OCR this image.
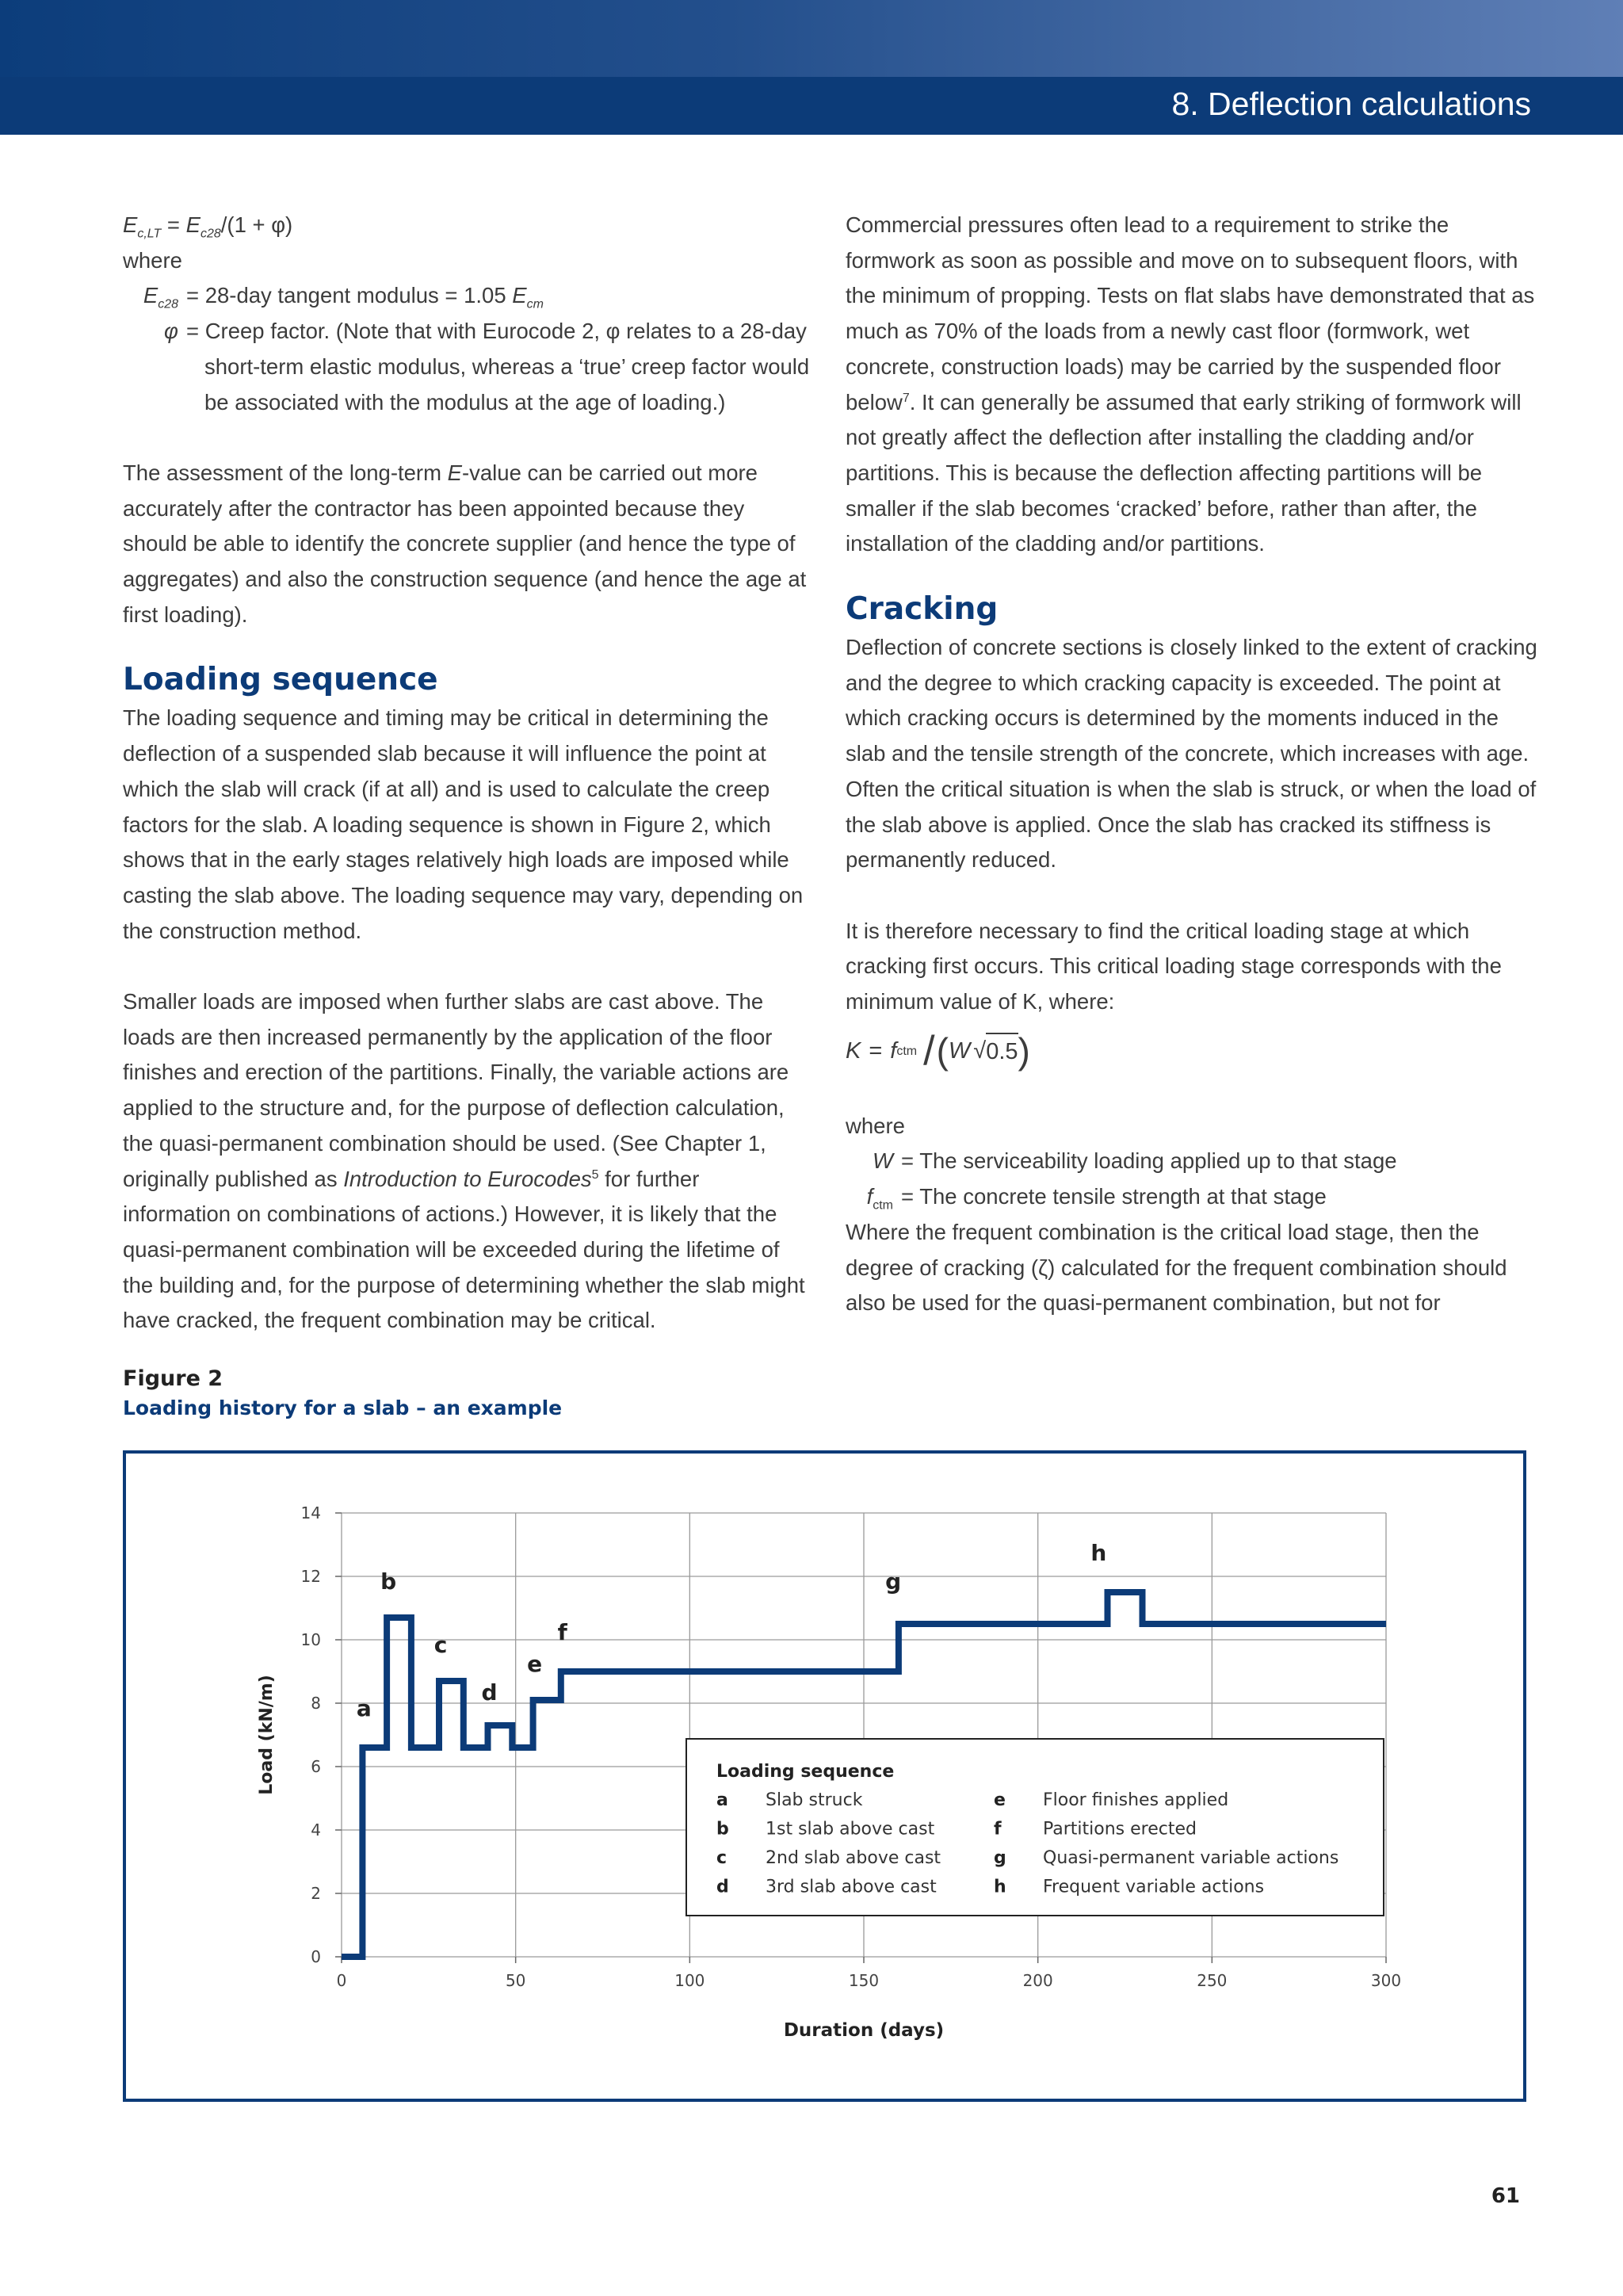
8. Deflection calculations

$E_{c,LT} = E_{c28}/(1 + \varphi)$

where

$E_{c28} = 28-day$ tangent modulus = 1.05 $E_{cm}$
φ = Creep factor. (Note that with Eurocode 2, φ relates to a 28-day

short-term elastic modulus, whereas a ‘true’ creep factor would

be associated with the modulus at the age of loading.)

The assessment of the long-term E-value can be carried out more accurately after the contractor has been appointed because they should be able to identify the concrete supplier (and hence the type of aggregates) and also the construction sequence (and hence the age at first loading).

Loading sequence

The loading sequence and timing may be critical in determining the deflection of a suspended slab because it will influence the point at which the slab will crack (if at all) and is used to calculate the creep factors for the slab. A loading sequence is shown in Figure 2, which shows that in the early stages relatively high loads are imposed while casting the slab above. The loading sequence may vary, depending on the construction method.

Smaller loads are imposed when further slabs are cast above. The loads are then increased permanently by the application of the floor finishes and erection of the partitions. Finally, the variable actions are applied to the structure and, for the purpose of deflection calculation, the quasi-permanent combination should be used. (See Chapter 1, originally published as Introduction to Eurocodes$^5$ for further information on combinations of actions.) However, it is likely that the quasi-permanent combination will be exceeded during the lifetime of the building and, for the purpose of determining whether the slab might have cracked, the frequent combination may be critical.

Commercial pressures often lead to a requirement to strike the formwork as soon as possible and move on to subsequent floors, with the minimum of propping. Tests on flat slabs have demonstrated that as much as 70% of the loads from a newly cast floor (formwork, wet concrete, construction loads) may be carried by the suspended floor below$^7$. It can generally be assumed that early striking of formwork will not greatly affect the deflection after installing the cladding and/or partitions. This is because the deflection affecting partitions will be smaller if the slab becomes ‘cracked’ before, rather than after, the installation of the cladding and/or partitions.

Cracking

Deflection of concrete sections is closely linked to the extent of cracking and the degree to which cracking capacity is exceeded. The point at which cracking occurs is determined by the moments induced in the slab and the tensile strength of the concrete, which increases with age. Often the critical situation is when the slab is struck, or when the load of the slab above is applied. Once the slab has cracked its stiffness is permanently reduced.

It is therefore necessary to find the critical loading stage at which cracking first occurs. This critical loading stage corresponds with the minimum value of K, where:

K = f ctm / ( W √ 0.5 )

where

W = The serviceability loading applied up to that stage
$f_{ctm}$ = The concrete tensile strength at that stage

Where the frequent combination is the critical load stage, then the degree of cracking (ζ) calculated for the frequent combination should also be used for the quasi-permanent combination, but not for

Figure 2
Loading history for a slab – an example
0
2
4
6
8
10
12
14
0	50	100	150	200	250	300
a
b
c
d
e
f
g
h
Duration (days)
Load (kN/m)	Loading sequence
a Slab struck
b 1st slab above cast
c 2nd slab above cast
d 3rd slab above cast
e Floor finishes applied
f Partitions erected
g Quasi-permanent variable actions
h Frequent variable actions
61
